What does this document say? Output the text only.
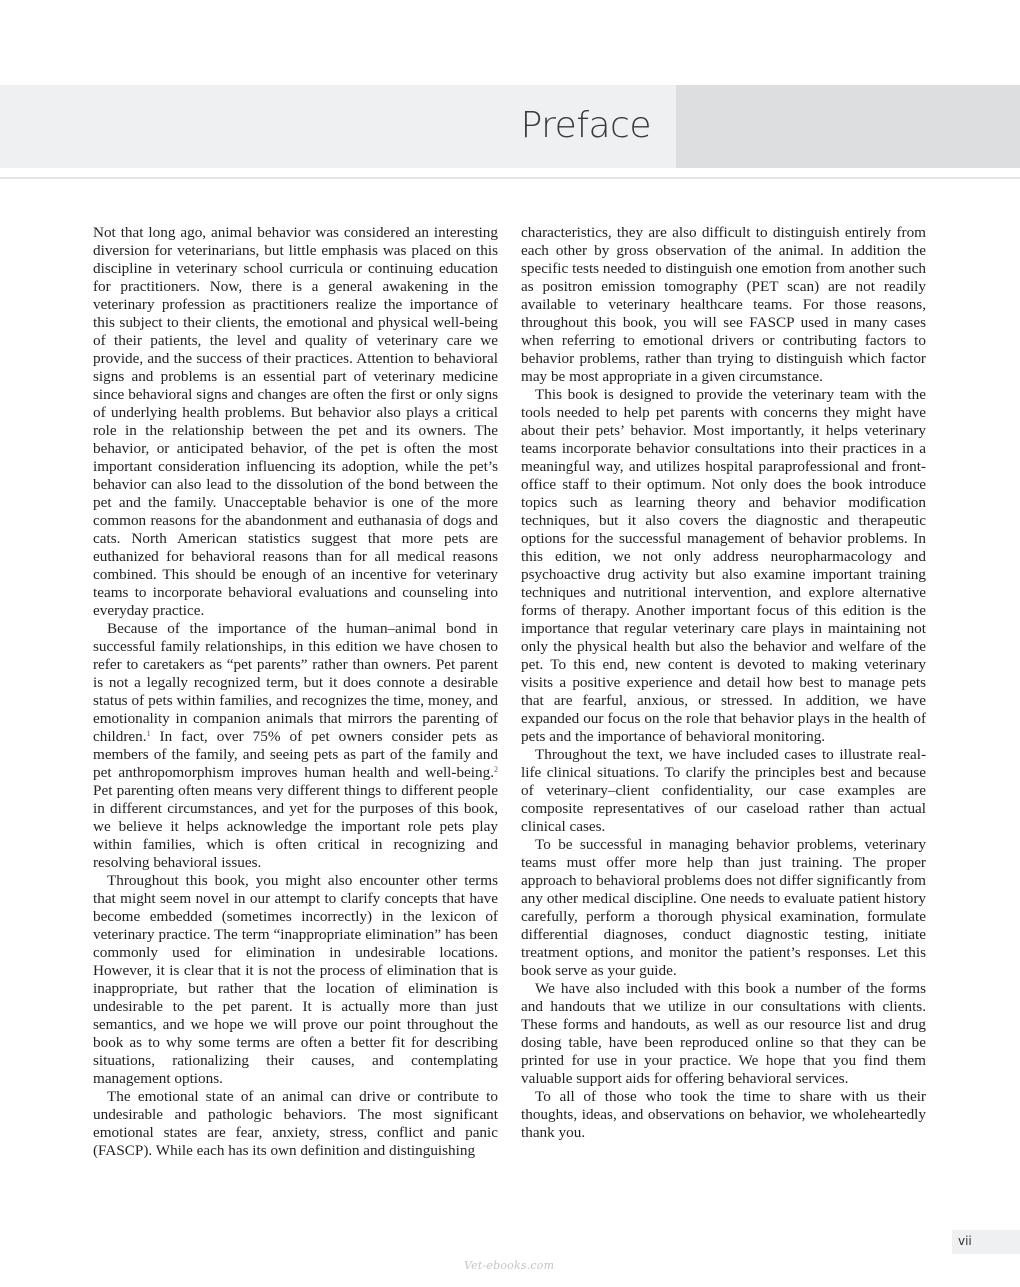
Preface

Not that long ago, animal behavior was considered an interesting diversion for veterinarians, but little emphasis was placed on this discipline in veterinary school curricula or continuing education for practitioners. Now, there is a general awakening in the veterinary profession as practitioners realize the importance of this subject to their clients, the emotional and physical well-being of their patients, the level and quality of veterinary care we provide, and the success of their practices. Attention to behavioral signs and problems is an essential part of veterinary medicine since behavioral signs and changes are often the first or only signs of underlying health problems. But behavior also plays a critical role in the relationship between the pet and its owners. The behavior, or anticipated behavior, of the pet is often the most important consideration influencing its adoption, while the pet’s behavior can also lead to the dissolution of the bond between the pet and the family. Unacceptable behavior is one of the more common reasons for the abandonment and euthanasia of dogs and cats. North American statistics suggest that more pets are euthanized for behavioral reasons than for all medical reasons combined. This should be enough of an incentive for veterinary teams to incorporate behavioral evaluations and counseling into everyday practice.

Because of the importance of the human–animal bond in successful family relationships, in this edition we have chosen to refer to caretakers as “pet parents” rather than owners. Pet parent is not a legally recognized term, but it does connote a desirable status of pets within families, and recognizes the time, money, and emotionality in companion animals that mirrors the parenting of children.$^1$ In fact, over 75% of pet owners consider pets as members of the family, and seeing pets as part of the family and pet anthropomorphism improves human health and well-being.$^2$ Pet parenting often means very different things to different people in different circumstances, and yet for the purposes of this book, we believe it helps acknowledge the important role pets play within families, which is often critical in recognizing and resolving behavioral issues.

Throughout this book, you might also encounter other terms that might seem novel in our attempt to clarify concepts that have become embedded (sometimes incorrectly) in the lexicon of veterinary practice. The term “inappropriate elimination” has been commonly used for elimination in undesirable locations. However, it is clear that it is not the process of elimination that is inappropriate, but rather that the location of elimination is undesirable to the pet parent. It is actually more than just semantics, and we hope we will prove our point throughout the book as to why some terms are often a better fit for describing situations, rationalizing their causes, and contemplating management options.

The emotional state of an animal can drive or contribute to undesirable and pathologic behaviors. The most significant emotional states are fear, anxiety, stress, conflict and panic (FASCP). While each has its own definition and distinguishing

characteristics, they are also difficult to distinguish entirely from each other by gross observation of the animal. In addition the specific tests needed to distinguish one emotion from another such as positron emission tomography (PET scan) are not readily available to veterinary healthcare teams. For those reasons, throughout this book, you will see FASCP used in many cases when referring to emotional drivers or contributing factors to behavior problems, rather than trying to distinguish which factor may be most appropriate in a given circumstance.

This book is designed to provide the veterinary team with the tools needed to help pet parents with concerns they might have about their pets’ behavior. Most importantly, it helps veterinary teams incorporate behavior consultations into their practices in a meaningful way, and utilizes hospital paraprofessional and front-office staff to their optimum. Not only does the book introduce topics such as learning theory and behavior modification techniques, but it also covers the diagnostic and therapeutic options for the successful management of behavior problems. In this edition, we not only address neuropharmacology and psychoactive drug activity but also examine important training techniques and nutritional intervention, and explore alternative forms of therapy. Another important focus of this edition is the importance that regular veterinary care plays in maintaining not only the physical health but also the behavior and welfare of the pet. To this end, new content is devoted to making veterinary visits a positive experience and detail how best to manage pets that are fearful, anxious, or stressed. In addition, we have expanded our focus on the role that behavior plays in the health of pets and the importance of behavioral monitoring.

Throughout the text, we have included cases to illustrate real-life clinical situations. To clarify the principles best and because of veterinary–client confidentiality, our case examples are composite representatives of our caseload rather than actual clinical cases.

To be successful in managing behavior problems, veterinary teams must offer more help than just training. The proper approach to behavioral problems does not differ significantly from any other medical discipline. One needs to evaluate patient history carefully, perform a thorough physical examination, formulate differential diagnoses, conduct diagnostic testing, initiate treatment options, and monitor the patient’s responses. Let this book serve as your guide.

We have also included with this book a number of the forms and handouts that we utilize in our consultations with clients. These forms and handouts, as well as our resource list and drug dosing table, have been reproduced online so that they can be printed for use in your practice. We hope that you find them valuable support aids for offering behavioral services.

To all of those who took the time to share with us their thoughts, ideas, and observations on behavior, we wholeheartedly thank you.

vii
Vet-ebooks.com
